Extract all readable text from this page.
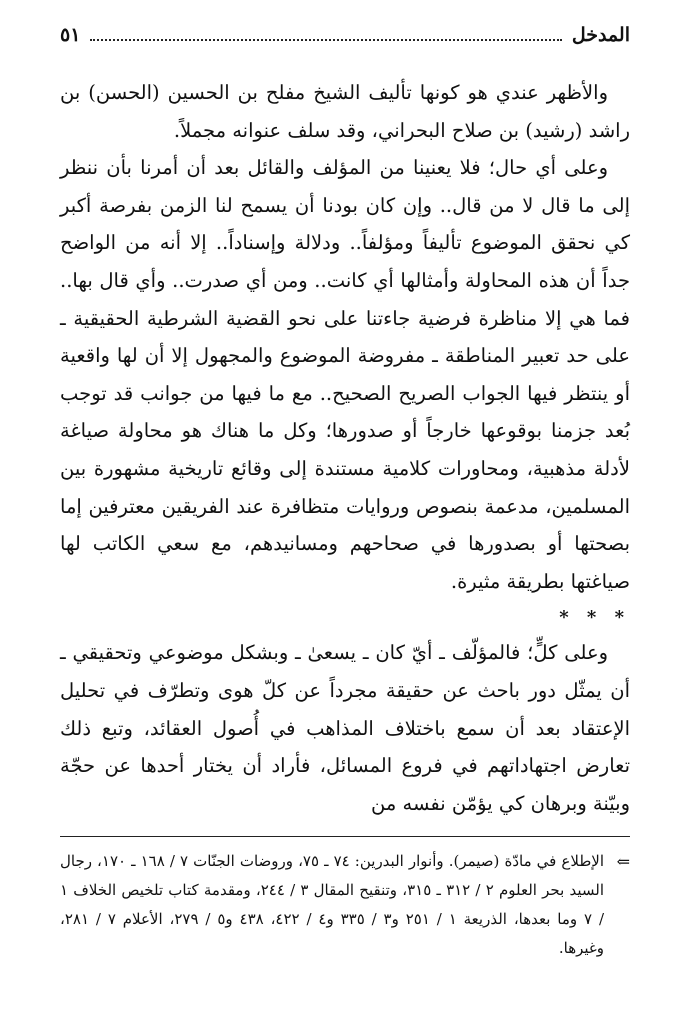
المدخل
٥١

والأظهر عندي هو كونها تأليف الشيخ مفلح بن الحسين (الحسن) بن راشد (رشيد) بن صلاح البحراني، وقد سلف عنوانه مجملاً.

وعلى أي حال؛ فلا يعنينا من المؤلف والقائل بعد أن أمرنا بأن ننظر إلى ما قال لا من قال.. وإن كان بودنا أن يسمح لنا الزمن بفرصة أكبر كي نحقق الموضوع تأليفاً ومؤلفاً.. ودلالة وإسناداً.. إلا أنه من الواضح جداً أن هذه المحاولة وأمثالها أي كانت.. ومن أي صدرت.. وأي قال بها.. فما هي إلا مناظرة فرضية جاءتنا على نحو القضية الشرطية الحقيقية ـ على حد تعبير المناطقة ـ مفروضة الموضوع والمجهول إلا أن لها واقعية أو ينتظر فيها الجواب الصريح الصحيح.. مع ما فيها من جوانب قد توجب بُعد جزمنا بوقوعها خارجاً أو صدورها؛ وكل ما هناك هو محاولة صياغة لأدلة مذهبية، ومحاورات كلامية مستندة إلى وقائع تاريخية مشهورة بين المسلمين، مدعمة بنصوص وروايات متظافرة عند الفريقين معترفين إما بصحتها أو بصدورها في صحاحهم ومسانيدهم، مع سعي الكاتب لها صياغتها بطريقة مثيرة.

* * *

وعلى كلٍّ؛ فالمؤلّف ـ أيّ كان ـ يسعىٰ ـ وبشكل موضوعي وتحقيقي ـ أن يمثّل دور باحث عن حقيقة مجرداً عن كلّ هوى وتطرّف في تحليل الإعتقاد بعد أن سمع باختلاف المذاهب في أُصول العقائد، وتبع ذلك تعارض اجتهاداتهم في فروع المسائل، فأراد أن يختار أحدها عن حجّة وبيّنة وبرهان كي يؤمّن نفسه من

⇐
الإطلاع في مادّة (صيمر). وأنوار البدرين: ٧٤ ـ ٧٥، وروضات الجنّات ٧ / ١٦٨ ـ ١٧٠، رجال السيد بحر العلوم ٢ / ٣١٢ ـ ٣١٥، وتنقيح المقال ٣ / ٢٤٤، ومقدمة كتاب تلخيص الخلاف ١ / ٧ وما بعدها، الذريعة ١ / ٢٥١ و٣ / ٣٣٥ و٤ / ٤٢٢، ٤٣٨ و٥ / ٢٧٩، الأعلام ٧ / ٢٨١، وغيرها.
